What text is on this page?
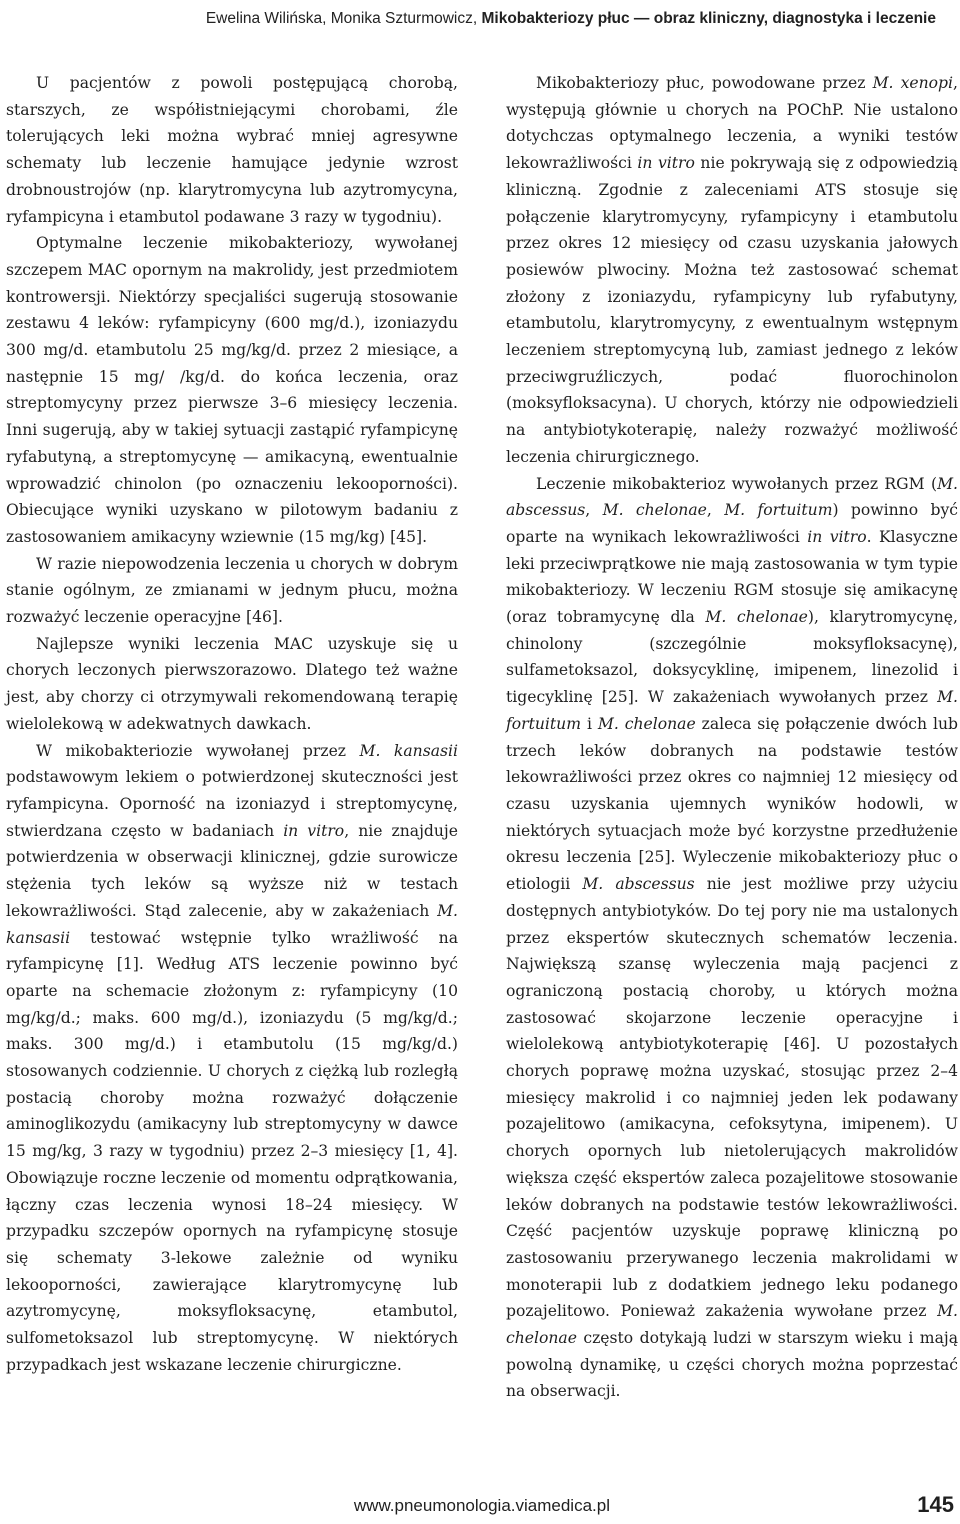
Ewelina Wilińska, Monika Szturmowicz, Mikobakteriozy płuc — obraz kliniczny, diagnostyka i leczenie

U pacjentów z powoli postępującą chorobą, starszych, ze współistniejącymi chorobami, źle tolerujących leki można wybrać mniej agresywne schematy lub leczenie hamujące jedynie wzrost drobnoustrojów (np. klarytromycyna lub azytromycyna, ryfampicyna i etambutol podawane 3 razy w tygodniu).

Optymalne leczenie mikobakteriozy, wywołanej szczepem MAC opornym na makrolidy, jest przedmiotem kontrowersji. Niektórzy specjaliści sugerują stosowanie zestawu 4 leków: ryfampicyny (600 mg/d.), izoniazydu 300 mg/d. etambutolu 25 mg/kg/d. przez 2 miesiące, a następnie 15 mg/ /kg/d. do końca leczenia, oraz streptomycyny przez pierwsze 3–6 miesięcy leczenia. Inni sugerują, aby w takiej sytuacji zastąpić ryfampicynę ryfabutyną, a streptomycynę — amikacyną, ewentualnie wprowadzić chinolon (po oznaczeniu lekooporności). Obiecujące wyniki uzyskano w pilotowym badaniu z zastosowaniem amikacyny wziewnie (15 mg/kg) [45].

W razie niepowodzenia leczenia u chorych w dobrym stanie ogólnym, ze zmianami w jednym płucu, można rozważyć leczenie operacyjne [46].

Najlepsze wyniki leczenia MAC uzyskuje się u chorych leczonych pierwszorazowo. Dlatego też ważne jest, aby chorzy ci otrzymywali rekomendowaną terapię wielolekową w adekwatnych dawkach.

W mikobakteriozie wywołanej przez M. kansasii podstawowym lekiem o potwierdzonej skuteczności jest ryfampicyna. Oporność na izoniazyd i streptomycynę, stwierdzana często w badaniach in vitro, nie znajduje potwierdzenia w obserwacji klinicznej, gdzie surowicze stężenia tych leków są wyższe niż w testach lekowrażliwości. Stąd zalecenie, aby w zakażeniach M. kansasii testować wstępnie tylko wrażliwość na ryfampicynę [1]. Według ATS leczenie powinno być oparte na schemacie złożonym z: ryfampicyny (10 mg/kg/d.; maks. 600 mg/d.), izoniazydu (5 mg/kg/d.; maks. 300 mg/d.) i etambutolu (15 mg/kg/d.) stosowanych codziennie. U chorych z ciężką lub rozległą postacią choroby można rozważyć dołączenie aminoglikozydu (amikacyny lub streptomycyny w dawce 15 mg/kg, 3 razy w tygodniu) przez 2–3 miesięcy [1, 4]. Obowiązuje roczne leczenie od momentu odprątkowania, łączny czas leczenia wynosi 18–24 miesięcy. W przypadku szczepów opornych na ryfampicynę stosuje się schematy 3-lekowe zależnie od wyniku lekooporności, zawierające klarytromycynę lub azytromycynę, moksyfloksacynę, etambutol, sulfometoksazol lub streptomycynę. W niektórych przypadkach jest wskazane leczenie chirurgiczne.

Mikobakteriozy płuc, powodowane przez M. xenopi, występują głównie u chorych na POChP. Nie ustalono dotychczas optymalnego leczenia, a wyniki testów lekowrażliwości in vitro nie pokrywają się z odpowiedzią kliniczną. Zgodnie z zaleceniami ATS stosuje się połączenie klarytromycyny, ryfampicyny i etambutolu przez okres 12 miesięcy od czasu uzyskania jałowych posiewów plwociny. Można też zastosować schemat złożony z izoniazydu, ryfampicyny lub ryfabutyny, etambutolu, klarytromycyny, z ewentualnym wstępnym leczeniem streptomycyną lub, zamiast jednego z leków przeciwgruźliczych, podać fluorochinolon (moksyfloksacyna). U chorych, którzy nie odpowiedzieli na antybiotykoterapię, należy rozważyć możliwość leczenia chirurgicznego.

Leczenie mikobakterioz wywołanych przez RGM (M. abscessus, M. chelonae, M. fortuitum) powinno być oparte na wynikach lekowrażliwości in vitro. Klasyczne leki przeciwprątkowe nie mają zastosowania w tym typie mikobakteriozy. W leczeniu RGM stosuje się amikacynę (oraz tobramycynę dla M. chelonae), klarytromycynę, chinolony (szczególnie moksyfloksacynę), sulfametoksazol, doksycyklinę, imipenem, linezolid i tigecyklinę [25]. W zakażeniach wywołanych przez M. fortuitum i M. chelonae zaleca się połączenie dwóch lub trzech leków dobranych na podstawie testów lekowrażliwości przez okres co najmniej 12 miesięcy od czasu uzyskania ujemnych wyników hodowli, w niektórych sytuacjach może być korzystne przedłużenie okresu leczenia [25]. Wyleczenie mikobakteriozy płuc o etiologii M. abscessus nie jest możliwe przy użyciu dostępnych antybiotyków. Do tej pory nie ma ustalonych przez ekspertów skutecznych schematów leczenia. Największą szansę wyleczenia mają pacjenci z ograniczoną postacią choroby, u których można zastosować skojarzone leczenie operacyjne i wielolekową antybiotykoterapię [46]. U pozostałych chorych poprawę można uzyskać, stosując przez 2–4 miesięcy makrolid i co najmniej jeden lek podawany pozajelitowo (amikacyna, cefoksytyna, imipenem). U chorych opornych lub nietolerujących makrolidów większa część ekspertów zaleca pozajelitowe stosowanie leków dobranych na podstawie testów lekowrażliwości. Część pacjentów uzyskuje poprawę kliniczną po zastosowaniu przerywanego leczenia makrolidami w monoterapii lub z dodatkiem jednego leku podanego pozajelitowo. Ponieważ zakażenia wywołane przez M. chelonae często dotykają ludzi w starszym wieku i mają powolną dynamikę, u części chorych można poprzestać na obserwacji.

www.pneumonologia.viamedica.pl	145
